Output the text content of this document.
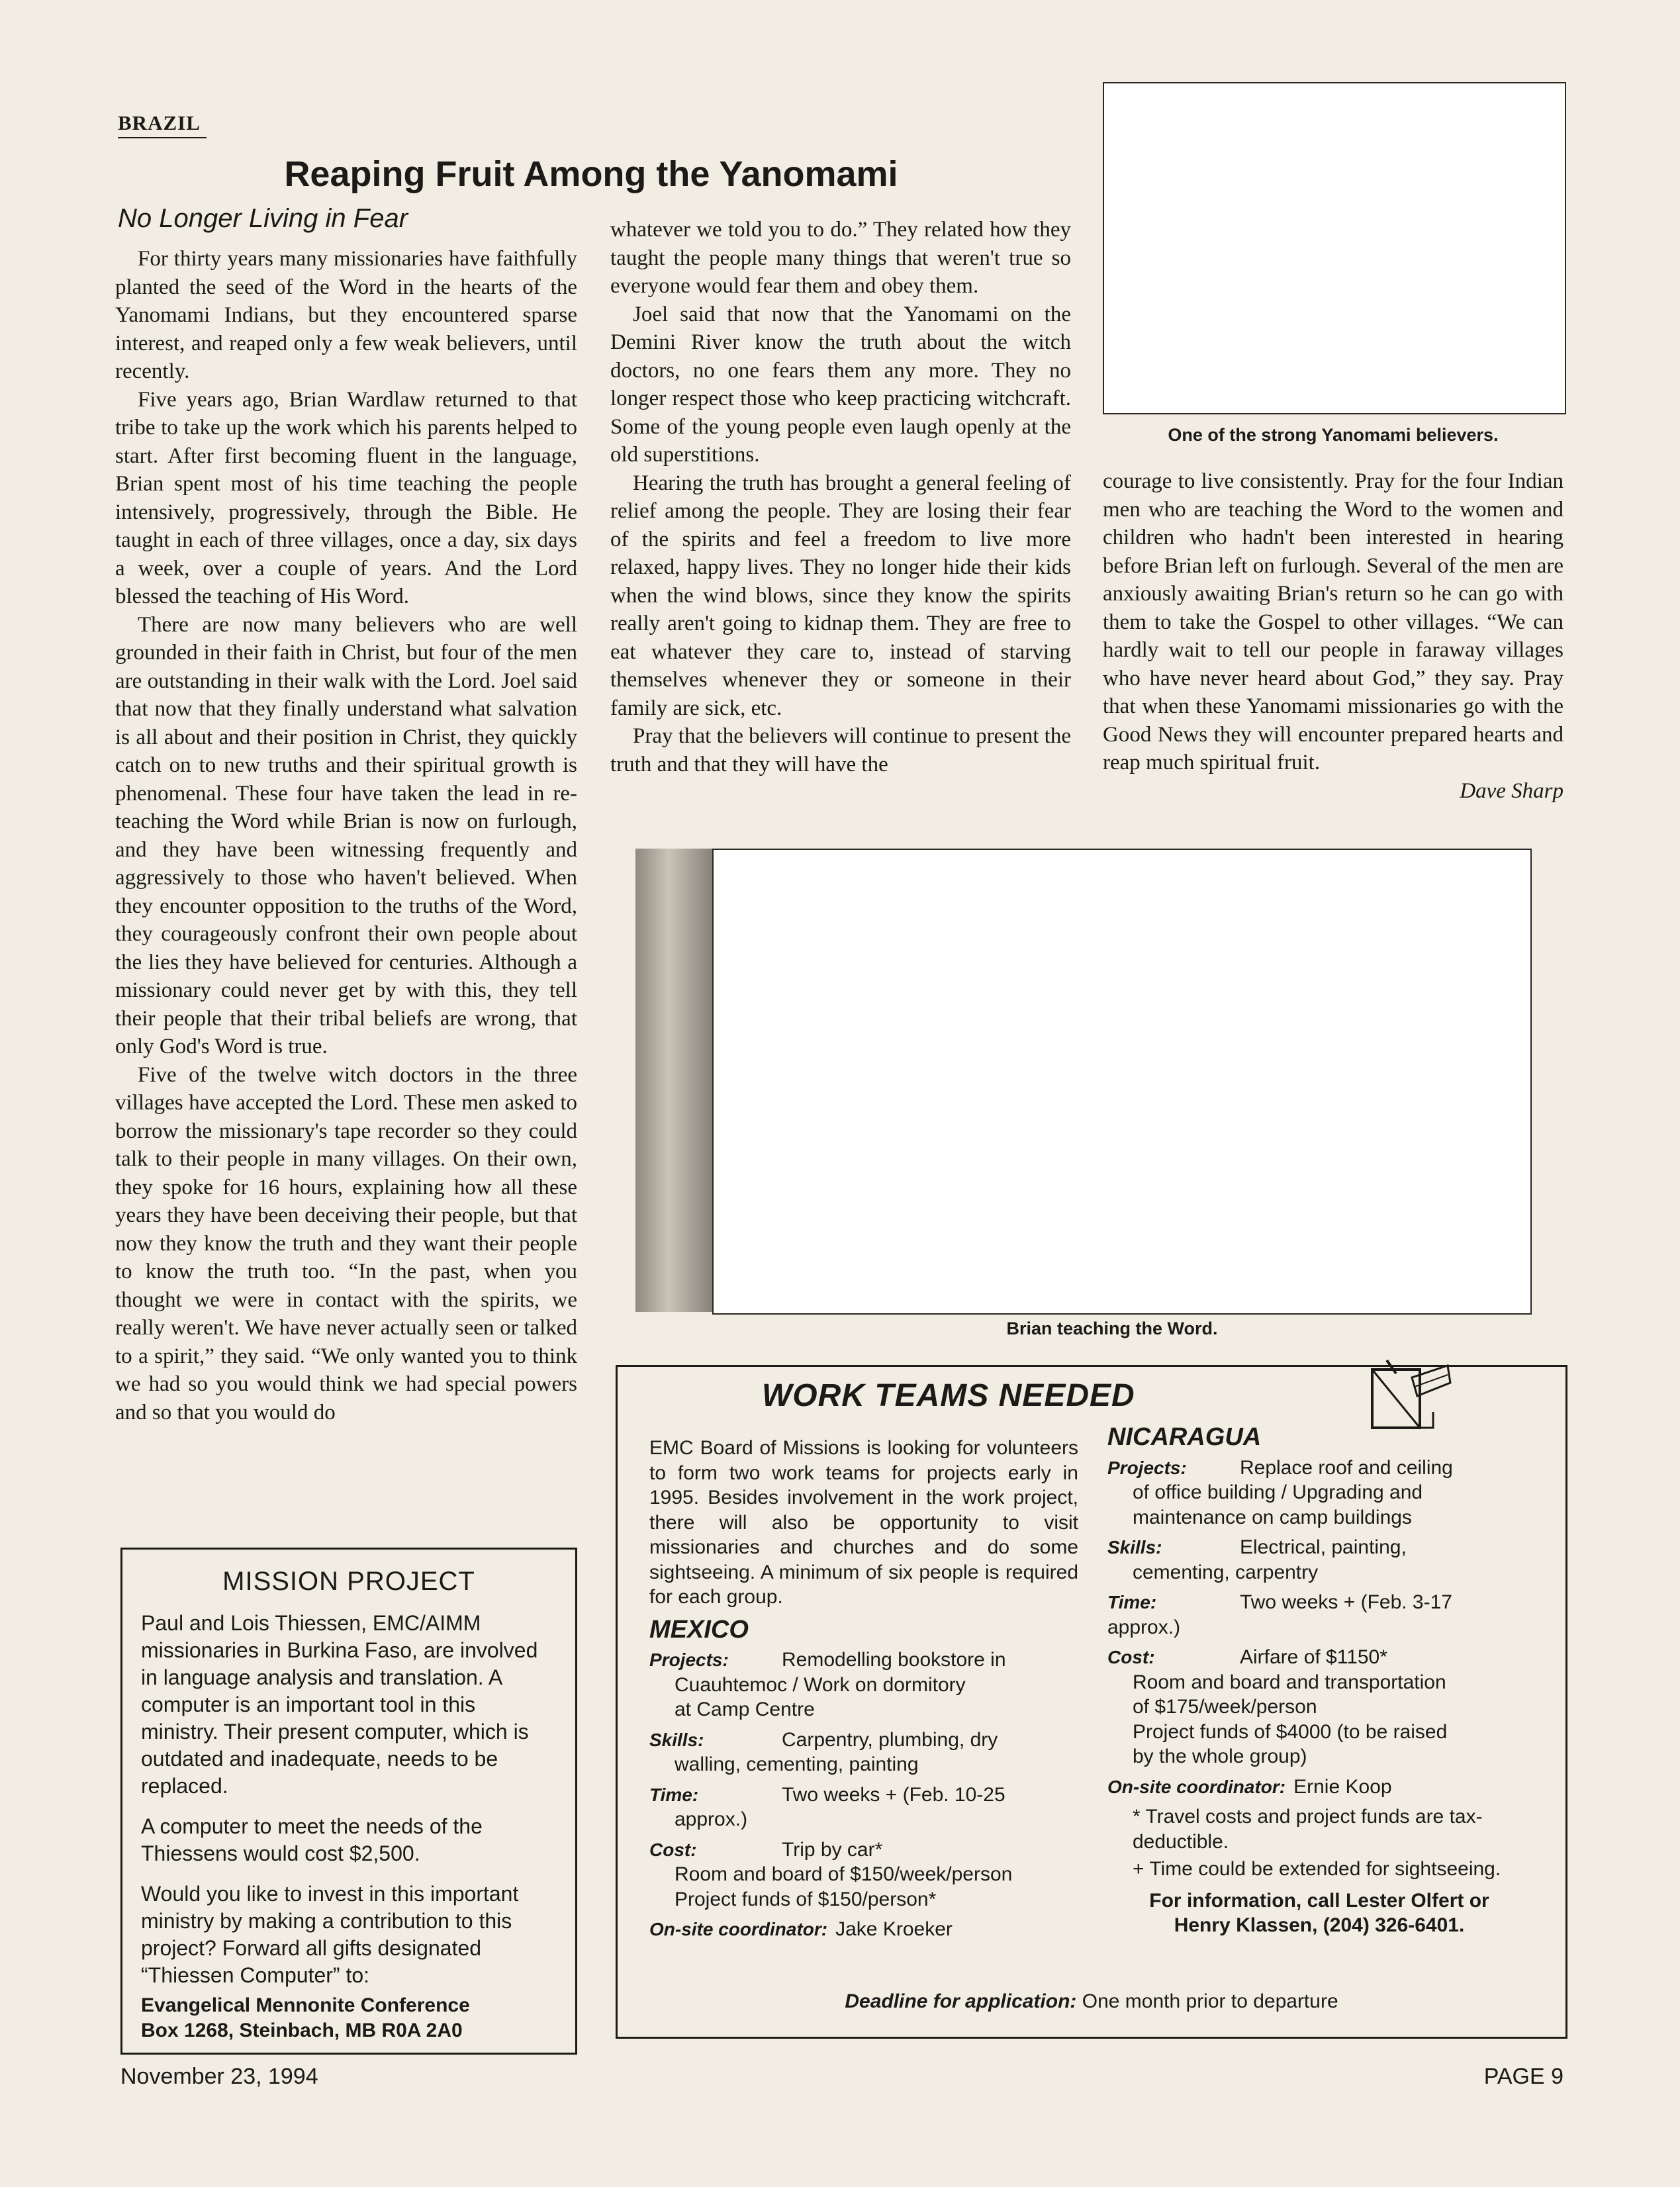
BRAZIL
Reaping Fruit Among the Yanomami
No Longer Living in Fear

For thirty years many missionaries have faithfully planted the seed of the Word in the hearts of the Yanomami Indians, but they encountered sparse interest, and reaped only a few weak believers, until recently.

Five years ago, Brian Wardlaw returned to that tribe to take up the work which his parents helped to start. After first becoming fluent in the language, Brian spent most of his time teaching the people intensively, progressively, through the Bible. He taught in each of three villages, once a day, six days a week, over a couple of years. And the Lord blessed the teaching of His Word.

There are now many believers who are well grounded in their faith in Christ, but four of the men are outstanding in their walk with the Lord. Joel said that now that they finally understand what salvation is all about and their position in Christ, they quickly catch on to new truths and their spiritual growth is phenomenal. These four have taken the lead in re-teaching the Word while Brian is now on furlough, and they have been witnessing frequently and aggressively to those who haven't believed. When they encounter opposition to the truths of the Word, they courageously confront their own people about the lies they have believed for centuries. Although a missionary could never get by with this, they tell their people that their tribal beliefs are wrong, that only God's Word is true.

Five of the twelve witch doctors in the three villages have accepted the Lord. These men asked to borrow the missionary's tape recorder so they could talk to their people in many villages. On their own, they spoke for 16 hours, explaining how all these years they have been deceiving their people, but that now they know the truth and they want their people to know the truth too. “In the past, when you thought we were in contact with the spirits, we really weren't. We have never actually seen or talked to a spirit,” they said. “We only wanted you to think we had so you would think we had special powers and so that you would do

whatever we told you to do.” They related how they taught the people many things that weren't true so everyone would fear them and obey them.

Joel said that now that the Yanomami on the Demini River know the truth about the witch doctors, no one fears them any more. They no longer respect those who keep practicing witchcraft. Some of the young people even laugh openly at the old superstitions.

Hearing the truth has brought a general feeling of relief among the people. They are losing their fear of the spirits and feel a freedom to live more relaxed, happy lives. They no longer hide their kids when the wind blows, since they know the spirits really aren't going to kidnap them. They are free to eat whatever they care to, instead of starving themselves whenever they or someone in their family are sick, etc.

Pray that the believers will continue to present the truth and that they will have the

One of the strong Yanomami believers.

courage to live consistently. Pray for the four Indian men who are teaching the Word to the women and children who hadn't been interested in hearing before Brian left on furlough. Several of the men are anxiously awaiting Brian's return so he can go with them to take the Gospel to other villages. “We can hardly wait to tell our people in faraway villages who have never heard about God,” they say. Pray that when these Yanomami missionaries go with the Good News they will encounter prepared hearts and reap much spiritual fruit.

Dave Sharp
Brian teaching the Word.
MISSION PROJECT

Paul and Lois Thiessen, EMC/AIMM missionaries in Burkina Faso, are involved in language analysis and translation. A computer is an important tool in this ministry. Their present computer, which is outdated and inadequate, needs to be replaced.

A computer to meet the needs of the Thiessens would cost $2,500.

Would you like to invest in this important ministry by making a contribution to this project? Forward all gifts designated “Thiessen Computer” to:

Evangelical Mennonite Conference
Box 1268, Steinbach, MB R0A 2A0
WORK TEAMS NEEDED

EMC Board of Missions is looking for volunteers to form two work teams for projects early in 1995. Besides involvement in the work project, there will also be opportunity to visit missionaries and churches and do some sightseeing. A minimum of six people is required for each group.

MEXICO
Projects:	Remodelling bookstore in
Cuauhtemoc / Work on dormitory
at Camp Centre
Skills:	Carpentry, plumbing, dry
walling, cementing, painting
Time:	Two weeks + (Feb. 10-25
approx.)
Cost:	Trip by car*
Room and board of $150/week/person
Project funds of $150/person*
On-site coordinator: Jake Kroeker
NICARAGUA
Projects:	Replace roof and ceiling
of office building / Upgrading and
maintenance on camp buildings
Skills:	Electrical, painting,
cementing, carpentry
Time:	Two weeks + (Feb. 3-17
approx.)
Cost:	Airfare of $1150*
Room and board and transportation
of $175/week/person
Project funds of $4000 (to be raised
by the whole group)
On-site coordinator: Ernie Koop
* Travel costs and project funds are tax-deductible.
+ Time could be extended for sightseeing.
For information, call Lester Olfert or
Henry Klassen, (204) 326-6401.
Deadline for application: One month prior to departure
November 23, 1994	PAGE 9
